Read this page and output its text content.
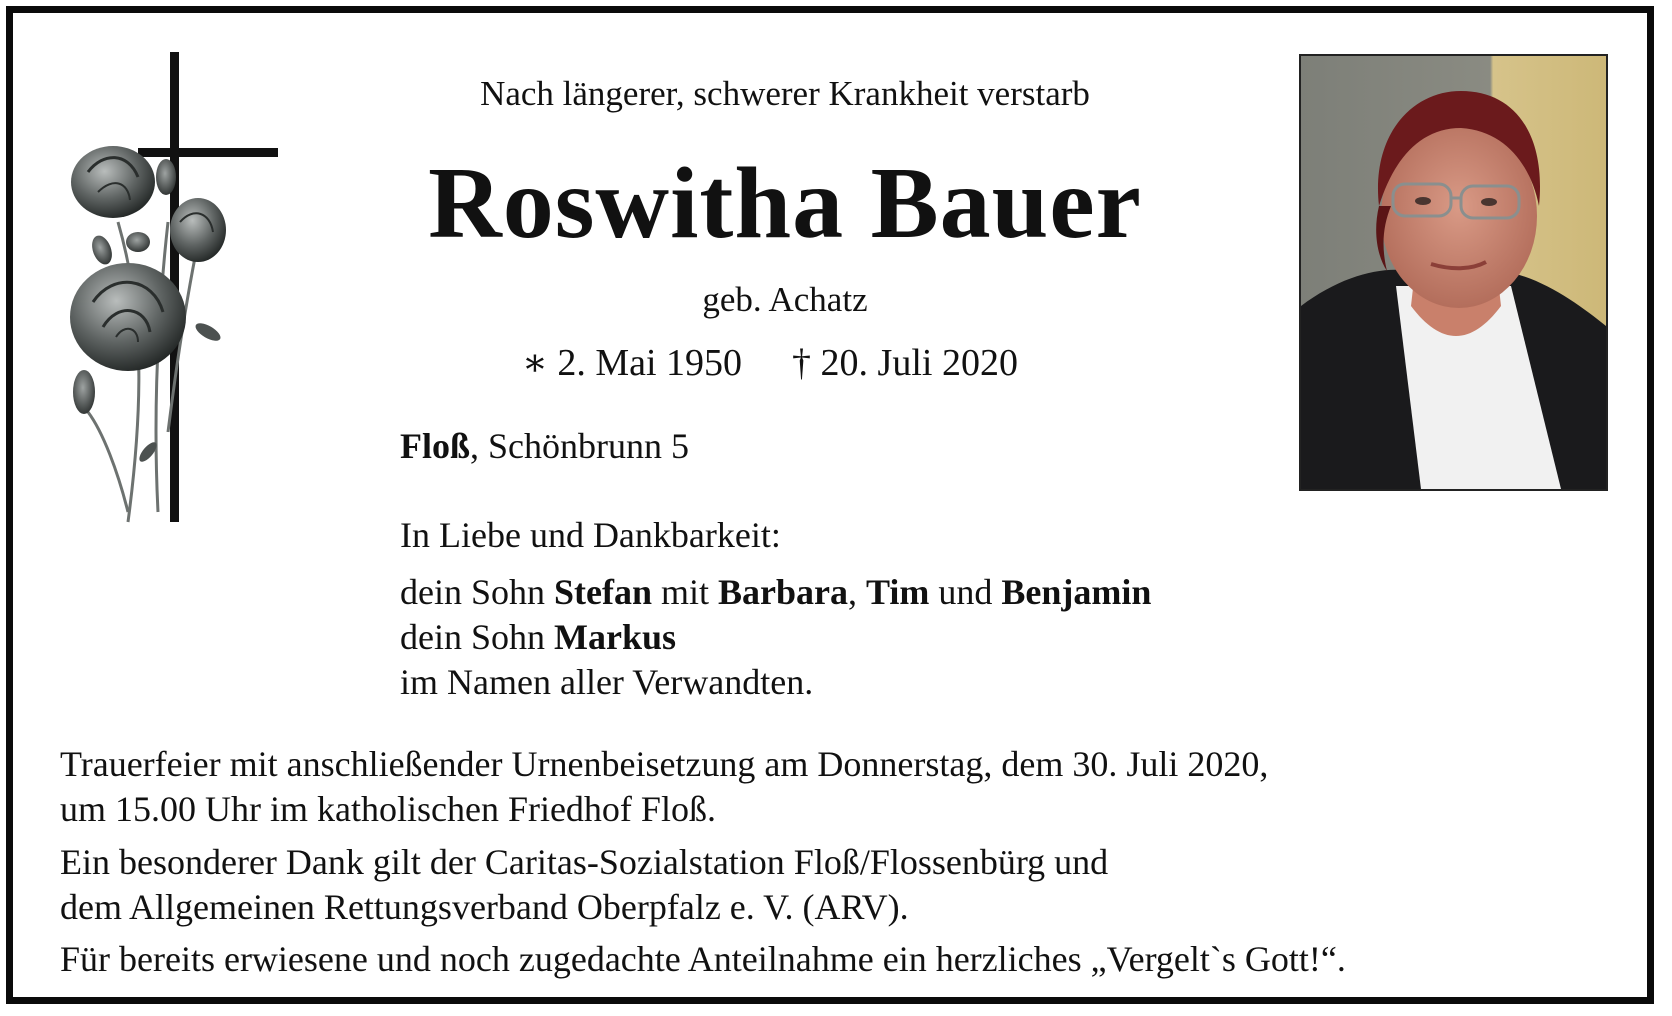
Nach längerer, schwerer Krankheit verstarb
Roswitha Bauer
geb. Achatz
∗ 2. Mai 1950 † 20. Juli 2020
Floß, Schönbrunn 5
In Liebe und Dankbarkeit:
dein Sohn Stefan mit Barbara, Tim und Benjamin
dein Sohn Markus
im Namen aller Verwandten.
Trauerfeier mit anschließender Urnenbeisetzung am Donnerstag, dem 30. Juli 2020,
um 15.00 Uhr im katholischen Friedhof Floß.
Ein besonderer Dank gilt der Caritas-Sozialstation Floß/Flossenbürg und
dem Allgemeinen Rettungsverband Oberpfalz e. V. (ARV).
Für bereits erwiesene und noch zugedachte Anteilnahme ein herzliches „Vergelt`s Gott!“.
